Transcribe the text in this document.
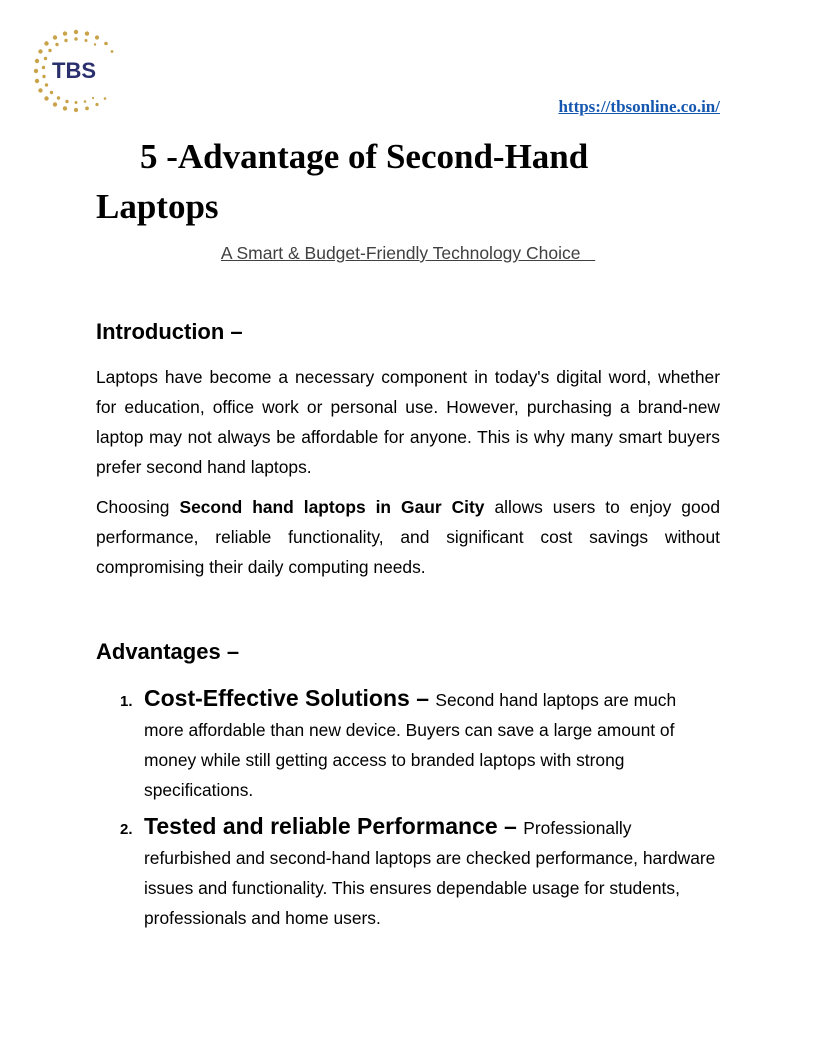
TBS
https://tbsonline.co.in/
5 -Advantage of Second-Hand Laptops
A Smart & Budget-Friendly Technology Choice
Introduction –

Laptops have become a necessary component in today's digital word, whether for education, office work or personal use. However, purchasing a brand-new laptop may not always be affordable for anyone. This is why many smart buyers prefer second hand laptops.

Choosing Second hand laptops in Gaur City allows users to enjoy good performance, reliable functionality, and significant cost savings without compromising their daily computing needs.

Advantages –
1. Cost-Effective Solutions – Second hand laptops are much more affordable than new device. Buyers can save a large amount of money while still getting access to branded laptops with strong specifications.
2. Tested and reliable Performance – Professionally refurbished and second-hand laptops are checked performance, hardware issues and functionality. This ensures dependable usage for students, professionals and home users.
